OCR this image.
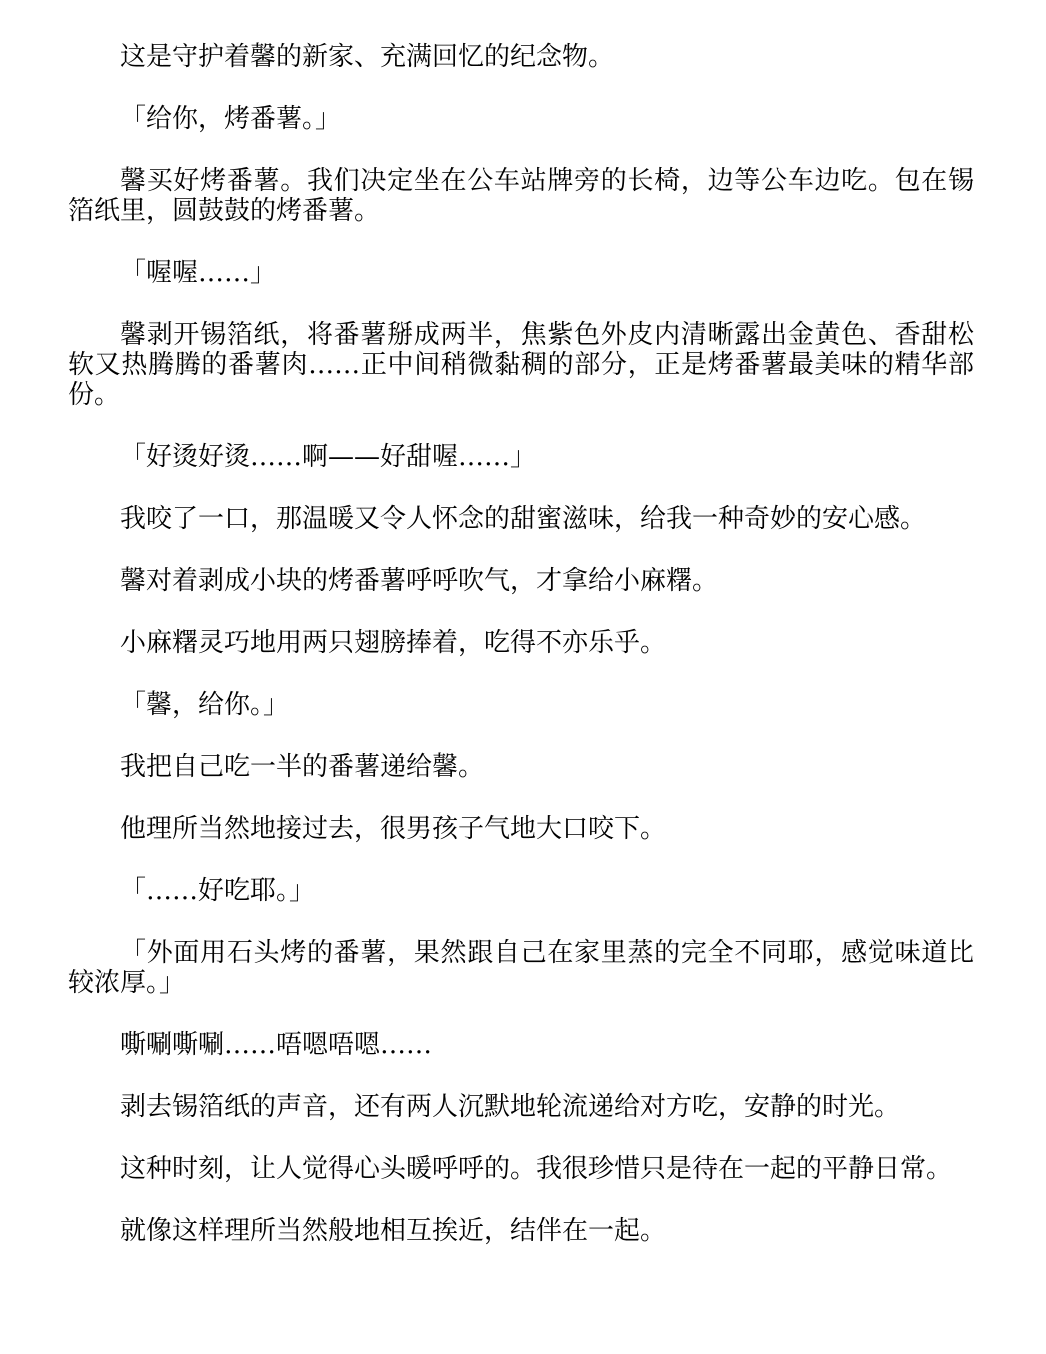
这是守护着馨的新家、充满回忆的纪念物。

「给你，烤番薯。」

馨买好烤番薯。我们决定坐在公车站牌旁的长椅，边等公车边吃。包在锡箔纸里，圆鼓鼓的烤番薯。

「喔喔……」

馨剥开锡箔纸，将番薯掰成两半，焦紫色外皮内清晰露出金黄色、香甜松软又热腾腾的番薯肉……正中间稍微黏稠的部分，正是烤番薯最美味的精华部份。

「好烫好烫……啊——好甜喔……」

我咬了一口，那温暖又令人怀念的甜蜜滋味，给我一种奇妙的安心感。

馨对着剥成小块的烤番薯呼呼吹气，才拿给小麻糬。

小麻糬灵巧地用两只翅膀捧着，吃得不亦乐乎。

「馨，给你。」

我把自己吃一半的番薯递给馨。

他理所当然地接过去，很男孩子气地大口咬下。

「……好吃耶。」

「外面用石头烤的番薯，果然跟自己在家里蒸的完全不同耶，感觉味道比较浓厚。」

嘶唰嘶唰……唔嗯唔嗯……

剥去锡箔纸的声音，还有两人沉默地轮流递给对方吃，安静的时光。

这种时刻，让人觉得心头暖呼呼的。我很珍惜只是待在一起的平静日常。

就像这样理所当然般地相互挨近，结伴在一起。
